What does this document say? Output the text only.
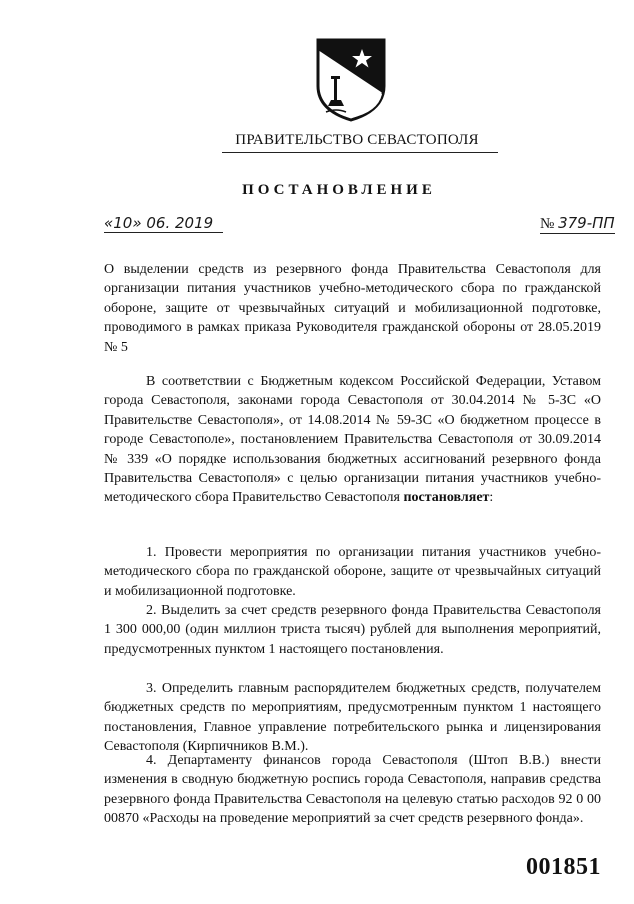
ПРАВИТЕЛЬСТВО СЕВАСТОПОЛЯ
ПОСТАНОВЛЕНИЕ
«10» 06. 2019	№ 379-ПП
О выделении средств из резервного фонда Правительства Севастополя для организации питания участников учебно-методического сбора по гражданской обороне, защите от чрезвычайных ситуаций и мобилизационной подготовке, проводимого в рамках приказа Руководителя гражданской обороны от 28.05.2019 № 5
В соответствии с Бюджетным кодексом Российской Федерации, Уставом города Севастополя, законами города Севастополя от 30.04.2014 № 5-ЗС «О Правительстве Севастополя», от 14.08.2014 № 59-ЗС «О бюджетном процессе в городе Севастополе», постановлением Правительства Севастополя от 30.09.2014 № 339 «О порядке использования бюджетных ассигнований резервного фонда Правительства Севастополя» с целью организации питания участников учебно-методического сбора Правительство Севастополя постановляет:
1. Провести мероприятия по организации питания участников учебно-методического сбора по гражданской обороне, защите от чрезвычайных ситуаций и мобилизационной подготовке.
2. Выделить за счет средств резервного фонда Правительства Севастополя 1 300 000,00 (один миллион триста тысяч) рублей для выполнения мероприятий, предусмотренных пунктом 1 настоящего постановления.
3. Определить главным распорядителем бюджетных средств, получателем бюджетных средств по мероприятиям, предусмотренным пунктом 1 настоящего постановления, Главное управление потребительского рынка и лицензирования Севастополя (Кирпичников В.М.).
4. Департаменту финансов города Севастополя (Штоп В.В.) внести изменения в сводную бюджетную роспись города Севастополя, направив средства резервного фонда Правительства Севастополя на целевую статью расходов 92 0 00 00870 «Расходы на проведение мероприятий за счет средств резервного фонда».
001851
